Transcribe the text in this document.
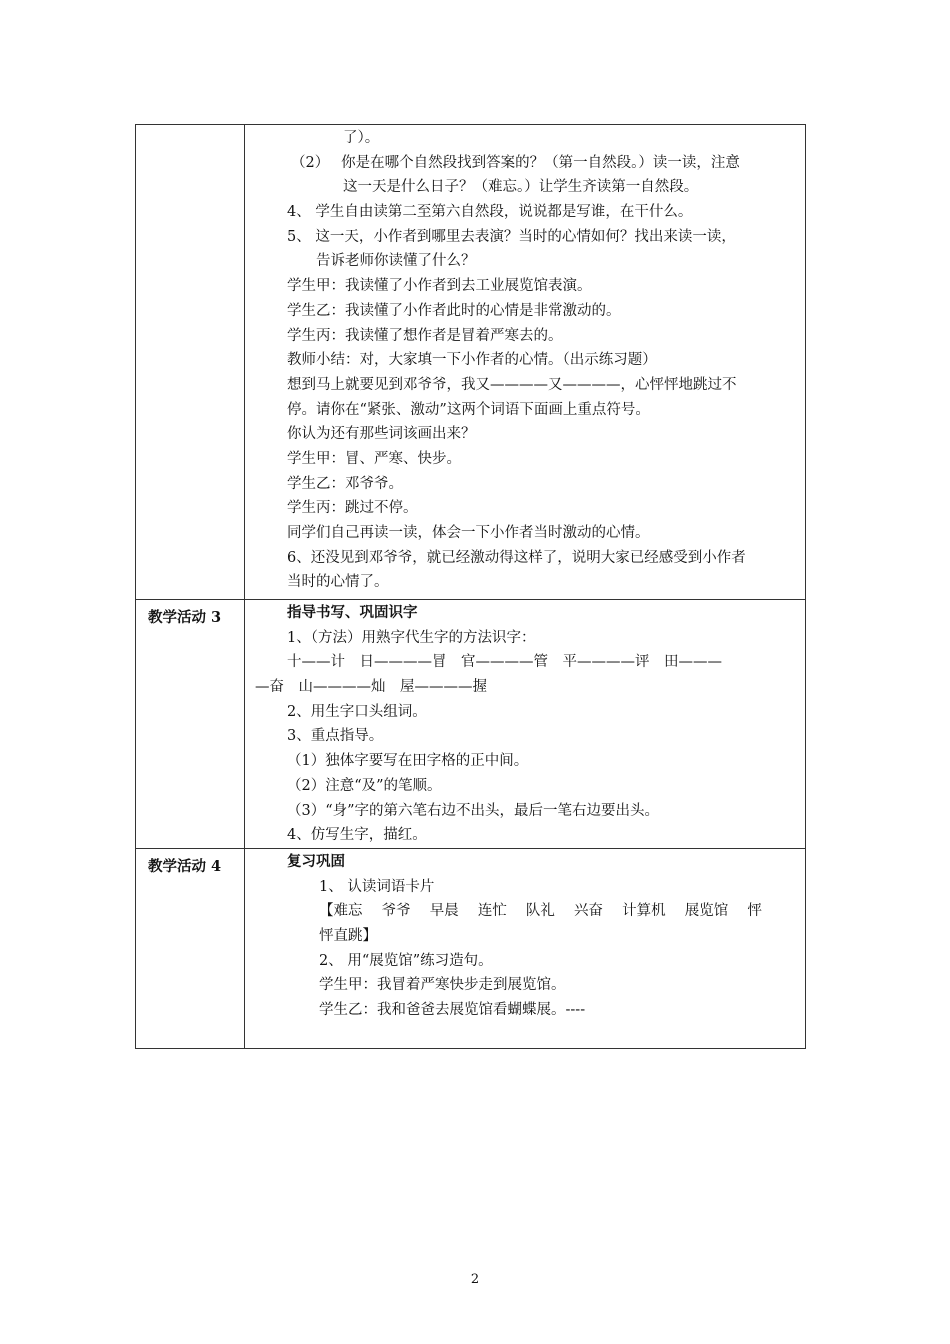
了）。
（2）　 你是在哪个自然段找到答案的？（第一自然段。）读一读，注意
这一天是什么日子？（难忘。）让学生齐读第一自然段。
4、 学生自由读第二至第六自然段，说说都是写谁，在干什么。
5、 这一天，小作者到哪里去表演？当时的心情如何？找出来读一读，
告诉老师你读懂了什么？
学生甲：我读懂了小作者到去工业展览馆表演。
学生乙：我读懂了小作者此时的心情是非常激动的。
学生丙：我读懂了想作者是冒着严寒去的。
教师小结：对，大家填一下小作者的心情。（出示练习题）
想到马上就要见到邓爷爷，我又————又————，心怦怦地跳过不
停。请你在“紧张、激动”这两个词语下面画上重点符号。
你认为还有那些词该画出来？
学生甲：冒、严寒、快步。
学生乙：邓爷爷。
学生丙：跳过不停。
同学们自己再读一读，体会一下小作者当时激动的心情。
6、还没见到邓爷爷，就已经激动得这样了，说明大家已经感受到小作者
当时的心情了。
教学活动 3	指导书写、巩固识字
1、（方法）用熟字代生字的方法识字：
十——计　日————冒　官————管　平————评　田———
—奋　山————灿　屋————握
2、用生字口头组词。
3、重点指导。
（1）独体字要写在田字格的正中间。
（2）注意“及”的笔顺。
（3）“身”字的第六笔右边不出头，最后一笔右边要出头。
4、仿写生字，描红。
教学活动 4	复习巩固
1、 认读词语卡片
【难忘　 爷爷　 早晨　 连忙　 队礼　 兴奋　 计算机　 展览馆　 怦
怦直跳】
2、 用“展览馆”练习造句。
学生甲：我冒着严寒快步走到展览馆。
学生乙：我和爸爸去展览馆看蝴蝶展。----
2
